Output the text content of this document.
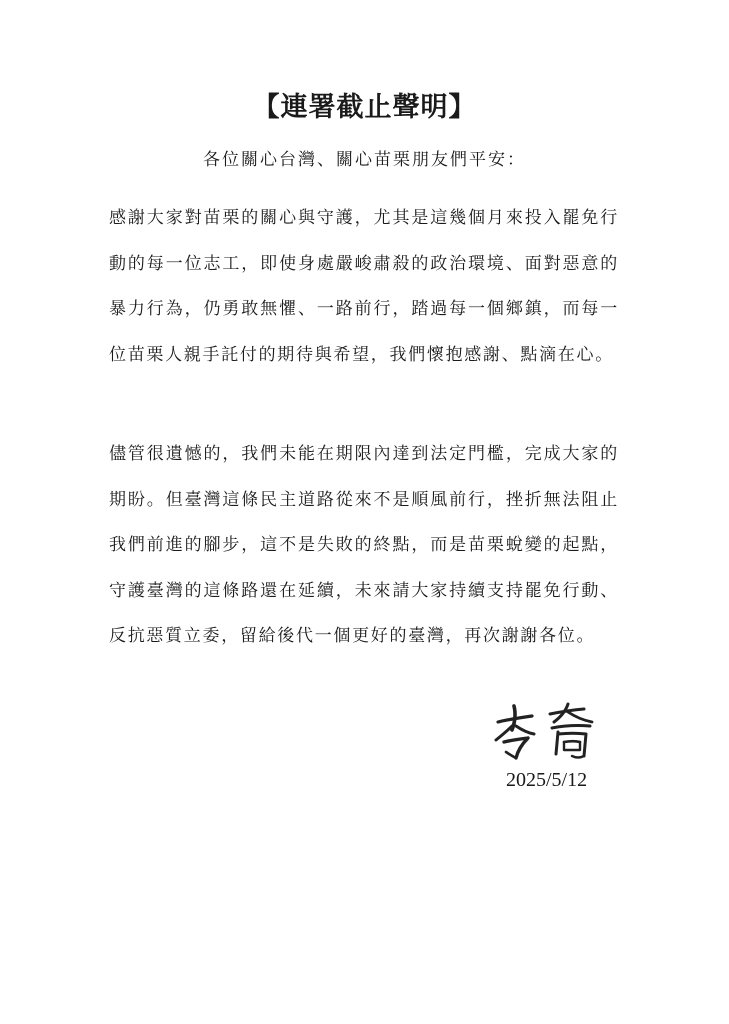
【連署截止聲明】
各位關心台灣、關心苗栗朋友們平安：
感謝大家對苗栗的關心與守護，尤其是這幾個月來投入罷免行動的每一位志工，即使身處嚴峻肅殺的政治環境、面對惡意的暴力行為，仍勇敢無懼、一路前行，踏過每一個鄉鎮，而每一位苗栗人親手託付的期待與希望，我們懷抱感謝、點滴在心。
儘管很遺憾的，我們未能在期限內達到法定門檻，完成大家的期盼。但臺灣這條民主道路從來不是順風前行，挫折無法阻止我們前進的腳步，這不是失敗的終點，而是苗栗蛻變的起點，守護臺灣的這條路還在延續，未來請大家持續支持罷免行動、反抗惡質立委，留給後代一個更好的臺灣，再次謝謝各位。
2025/5/12
